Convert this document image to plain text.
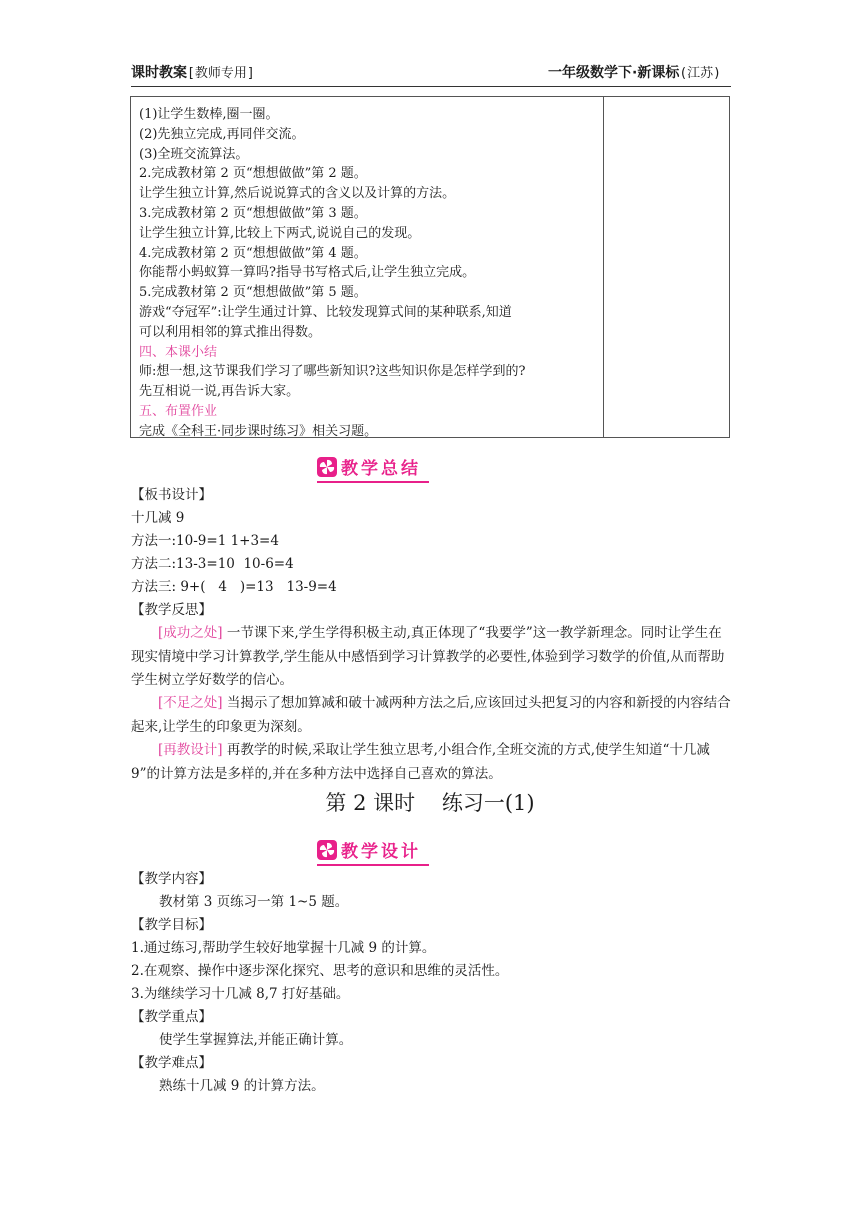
课时教案[教师专用]	一年级数学下·新课标(江苏)
(1)让学生数棒,圈一圈。
(2)先独立完成,再同伴交流。
(3)全班交流算法。
2.完成教材第 2 页“想想做做”第 2 题。
让学生独立计算,然后说说算式的含义以及计算的方法。
3.完成教材第 2 页“想想做做”第 3 题。
让学生独立计算,比较上下两式,说说自己的发现。
4.完成教材第 2 页“想想做做”第 4 题。
你能帮小蚂蚁算一算吗?指导书写格式后,让学生独立完成。
5.完成教材第 2 页“想想做做”第 5 题。
游戏“夺冠军”:让学生通过计算、比较发现算式间的某种联系,知道
可以利用相邻的算式推出得数。
四、本课小结
师:想一想,这节课我们学习了哪些新知识?这些知识你是怎样学到的?
先互相说一说,再告诉大家。
五、布置作业
完成《全科王·同步课时练习》相关习题。
教学总结
【板书设计】
十几减 9
方法一:10-9=1 1+3=4
方法二:13-3=10  10-6=4
方法三: 9+(   4   )=13   13-9=4
【教学反思】
[成功之处] 一节课下来,学生学得积极主动,真正体现了“我要学”这一教学新理念。同时让学生在现实情境中学习计算教学,学生能从中感悟到学习计算教学的必要性,体验到学习数学的价值,从而帮助学生树立学好数学的信心。
[不足之处] 当揭示了想加算减和破十减两种方法之后,应该回过头把复习的内容和新授的内容结合起来,让学生的印象更为深刻。
[再教设计] 再教学的时候,采取让学生独立思考,小组合作,全班交流的方式,使学生知道“十几减 9”的计算方法是多样的,并在多种方法中选择自己喜欢的算法。
第 2 课时    练习一(1)
教学设计
【教学内容】
教材第 3 页练习一第 1~5 题。
【教学目标】
1.通过练习,帮助学生较好地掌握十几减 9 的计算。
2.在观察、操作中逐步深化探究、思考的意识和思维的灵活性。
3.为继续学习十几减 8,7 打好基础。
【教学重点】
使学生掌握算法,并能正确计算。
【教学难点】
熟练十几减 9 的计算方法。
